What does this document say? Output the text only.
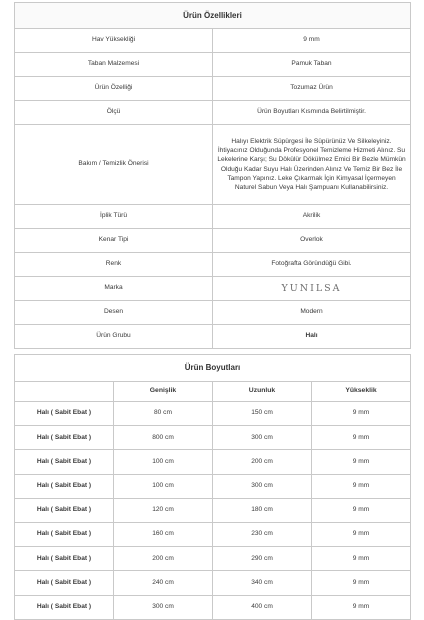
Ürün Özellikleri	
Hav Yüksekliği	9 mm
Taban Malzemesi	Pamuk Taban
Ürün Özelliği	Tozumaz Ürün
Ölçü	Ürün Boyutları Kısmında Belirtilmiştir.
Bakım / Temizlik Önerisi	Halıyı Elektrik Süpürgesi İle Süpürünüz Ve Silkeleyiniz. İhtiyacınız Olduğunda Profesyonel Temizleme Hizmeti Alınız. Su Lekelerine Karşı; Su Dökülür Dökülmez Emici Bir Bezle Mümkün Olduğu Kadar Suyu Halı Üzerinden Alınız Ve Temiz Bir Bez İle Tampon Yapınız. Leke Çıkarmak İçin Kimyasal İçermeyen Naturel Sabun Veya Halı Şampuanı Kullanabilirsiniz.
İplik Türü	Akrilik
Kenar Tipi	Overlok
Renk	Fotoğrafta Göründüğü Gibi.
Marka	YUNILSA
Desen	Modern
Ürün Grubu	Halı
Ürün Boyutları			
	Genişlik	Uzunluk	Yükseklik
Halı ( Sabit Ebat )	80 cm	150 cm	9 mm
Halı ( Sabit Ebat )	800 cm	300 cm	9 mm
Halı ( Sabit Ebat )	100 cm	200 cm	9 mm
Halı ( Sabit Ebat )	100 cm	300 cm	9 mm
Halı ( Sabit Ebat )	120 cm	180 cm	9 mm
Halı ( Sabit Ebat )	160 cm	230 cm	9 mm
Halı ( Sabit Ebat )	200 cm	290 cm	9 mm
Halı ( Sabit Ebat )	240 cm	340 cm	9 mm
Halı ( Sabit Ebat )	300 cm	400 cm	9 mm
